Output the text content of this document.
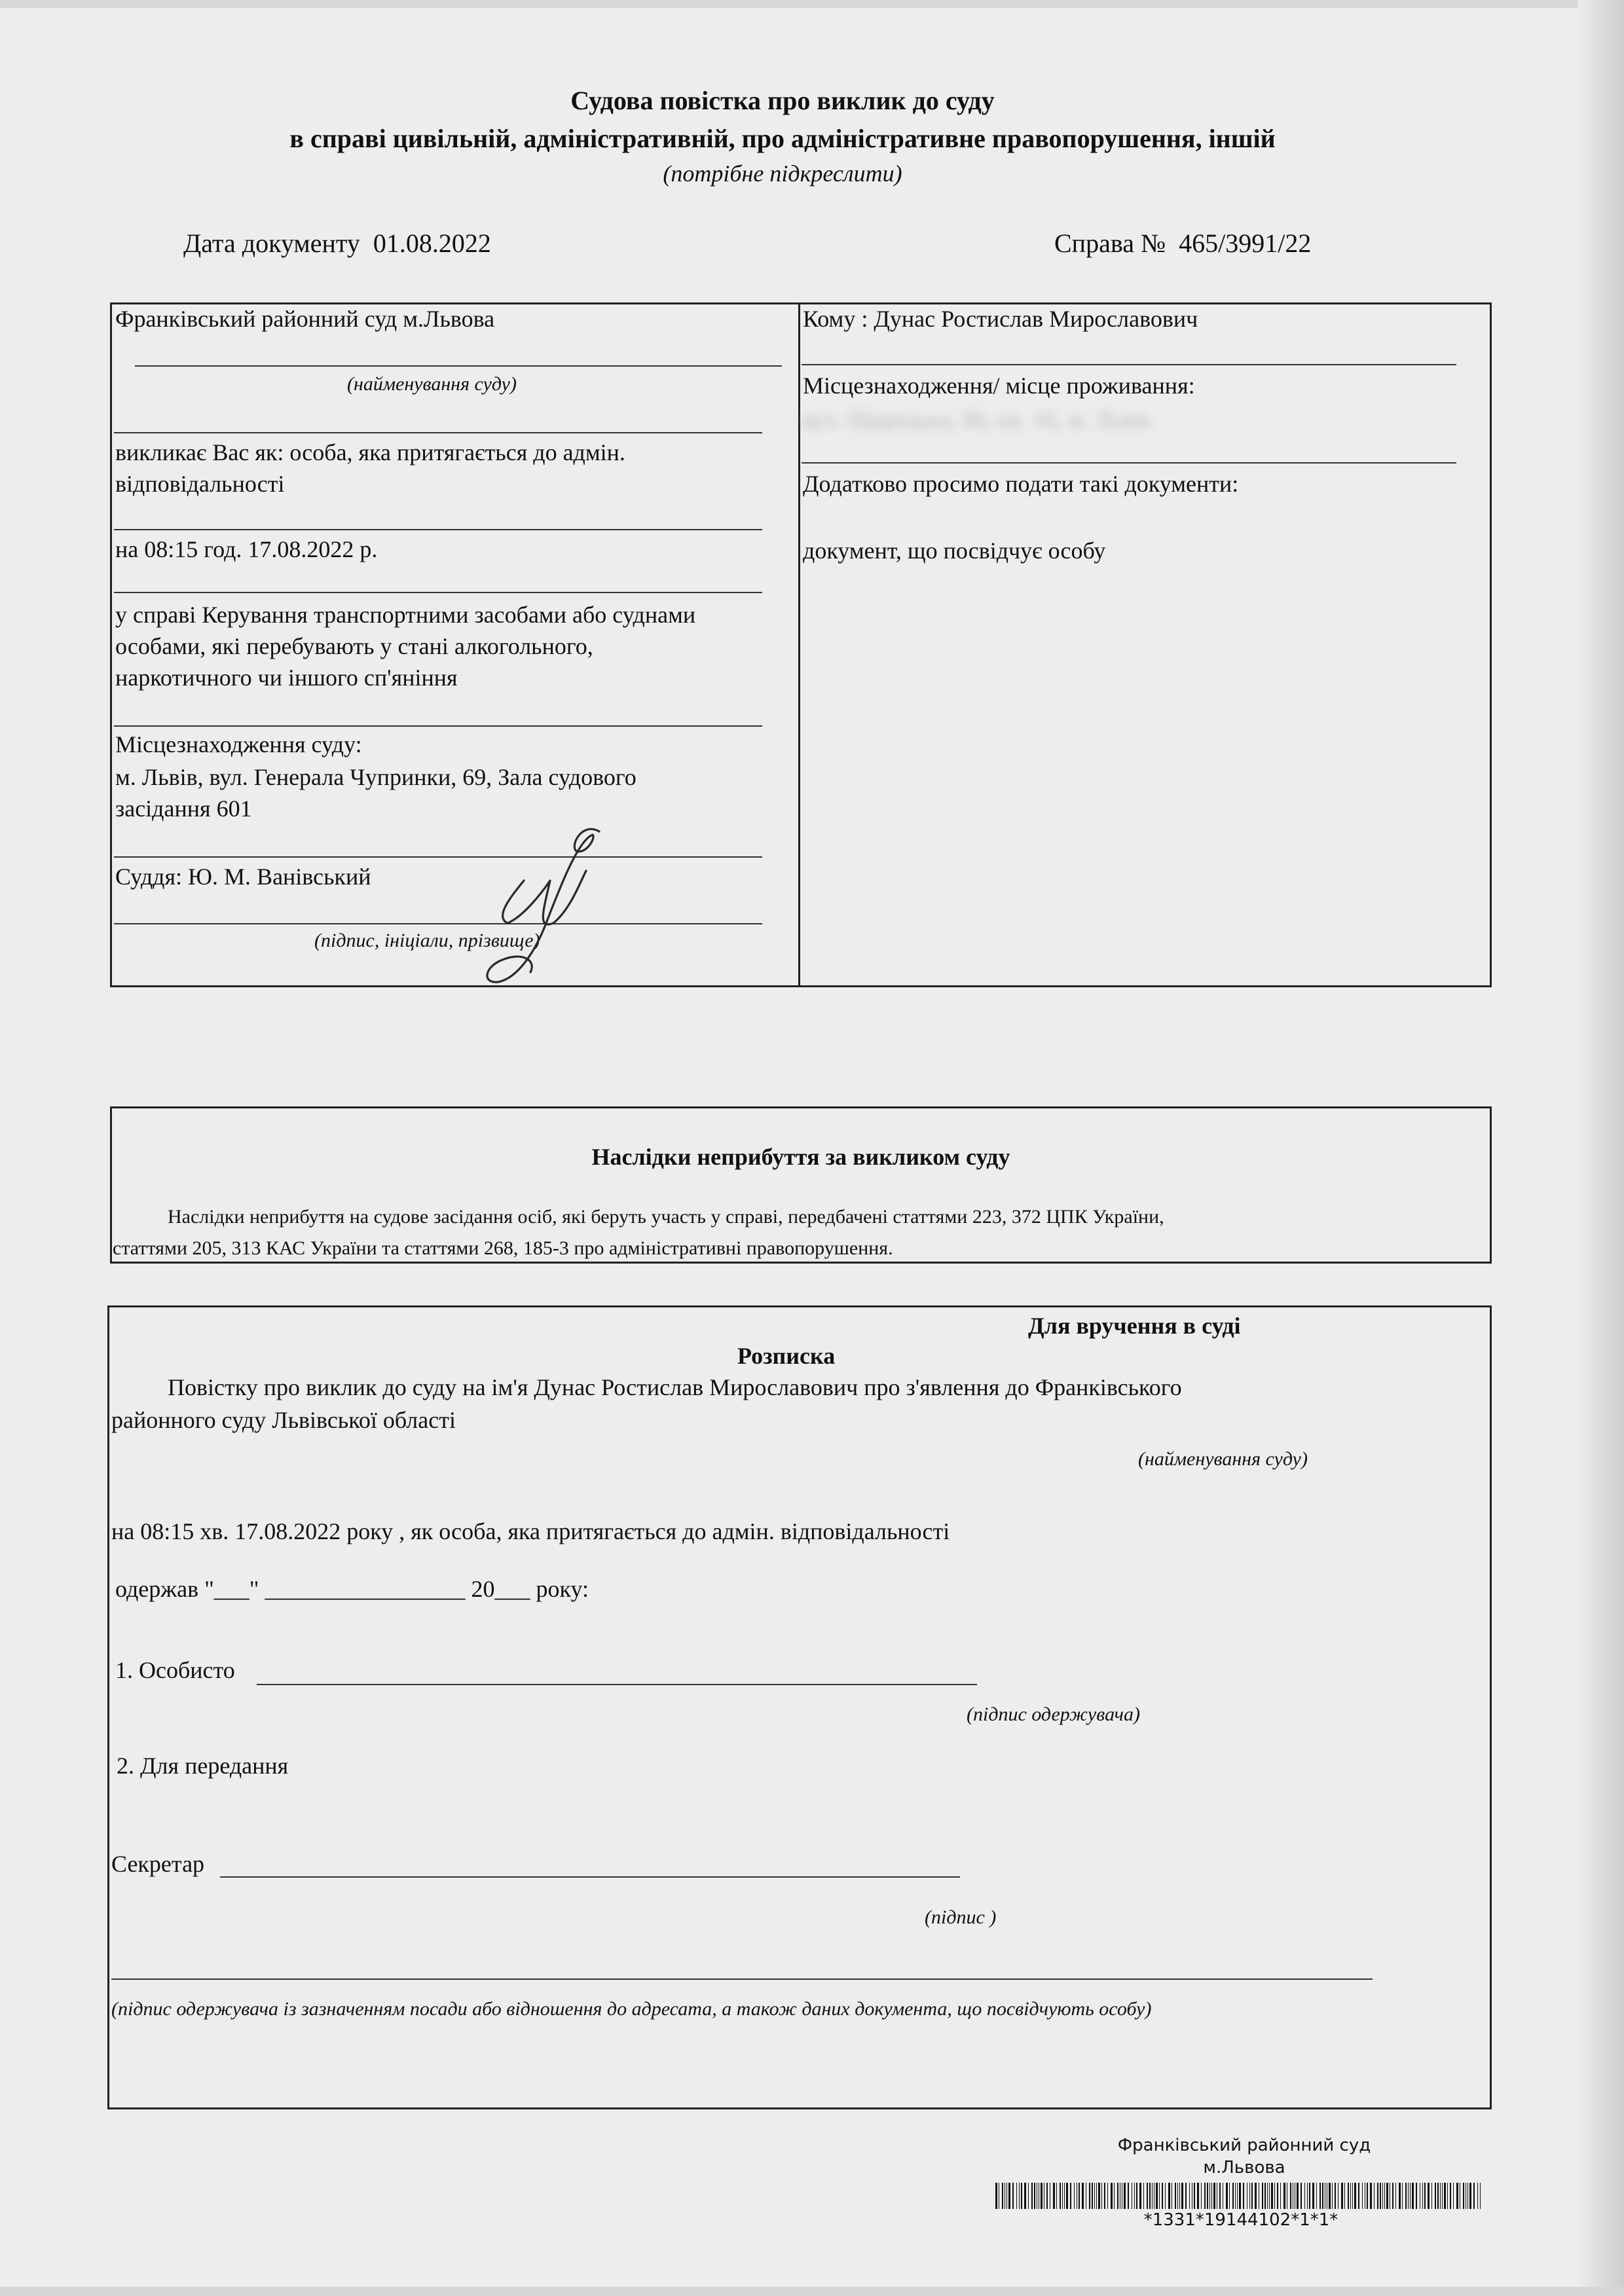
Судова повістка про виклик до суду
в справі цивільній, адміністративній, про адміністративне правопорушення, іншій
(потрібне підкреслити)
Дата документу 01.08.2022	Справа № 465/3991/22
Франківський районний суд м.Львова
(найменування суду)
викликає Вас як: особа, яка притягається до адмін.
відповідальності
на 08:15 год. 17.08.2022 р.
у справі Керування транспортними засобами або суднами
особами, які перебувають у стані алкогольного,
наркотичного чи іншого сп'яніння
Місцезнаходження суду:
м. Львів, вул. Генерала Чупринки, 69, Зала судового
засідання 601
Суддя: Ю. М. Ванівський
(підпис, ініціали, прізвище)
Кому : Дунас Ростислав Мирославович
Місцезнаходження/ місце проживання:
вул. Щирецька, 86, кв. 16, м. Львів
Додатково просимо подати такі документи:
документ, що посвідчує особу
Наслідки неприбуття за викликом суду
Наслідки неприбуття на судове засідання осіб, які беруть участь у справі, передбачені статтями 223, 372 ЦПК України,
статтями 205, 313 КАС України та статтями 268, 185-3 про адміністративні правопорушення.
Для вручення в суді
Розписка
Повістку про виклик до суду на ім'я Дунас Ростислав Мирославович про з'явлення до Франківського
районного суду Львівської області
(найменування суду)
на 08:15 хв. 17.08.2022 року , як особа, яка притягається до адмін. відповідальності
одержав "___" _________________ 20___ року:
1. Особисто
(підпис одержувача)
2. Для передання
Секретар
(підпис )
(підпис одержувача із зазначенням посади або відношення до адресата, а також даних документа, що посвідчують особу)
Франківський районний суд
м.Львова
*1331*19144102*1*1*
